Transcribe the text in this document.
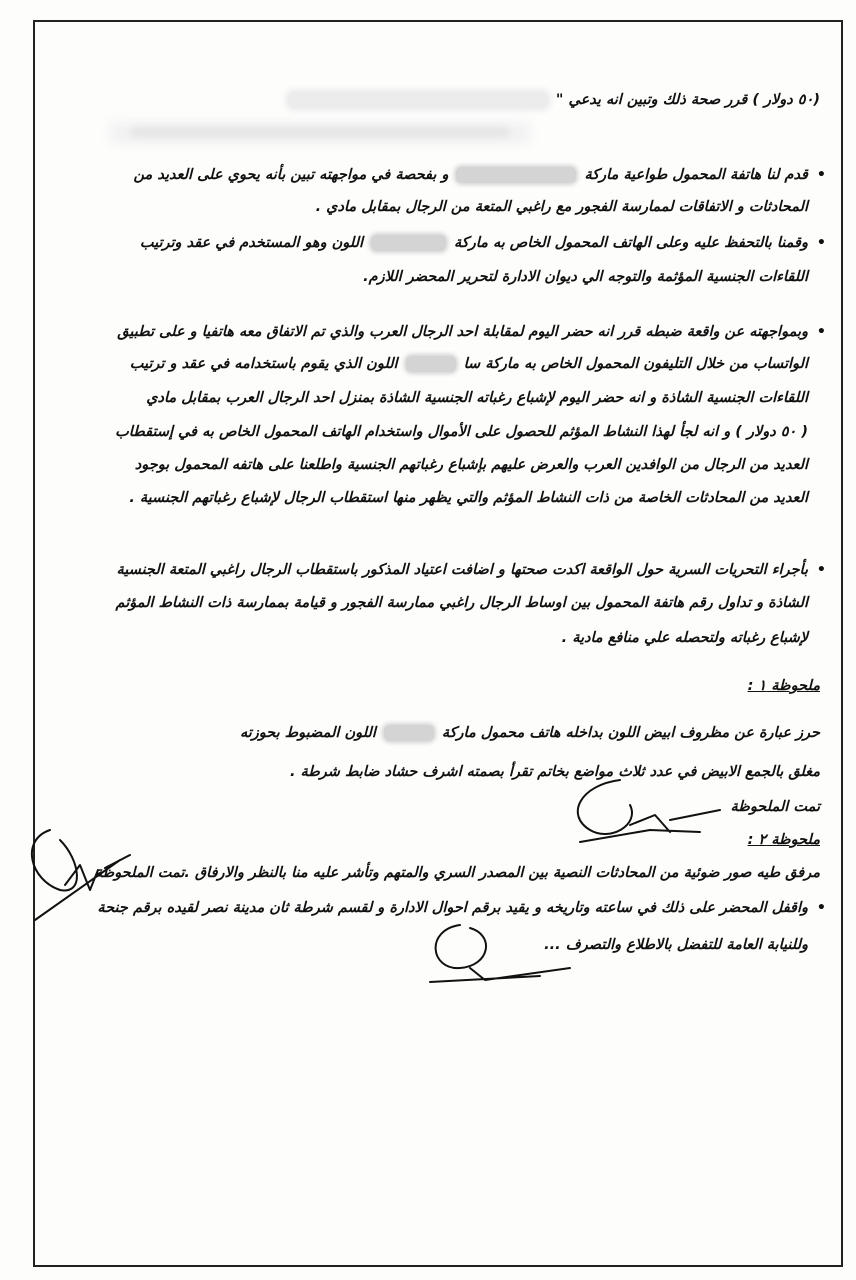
(٥٠ دولار ) قرر صحة ذلك وتبين انه يدعي "
• قدم لنا هاتفة المحمول طواعية ماركةو بفحصة في مواجهته تبين بأنه يحوي على العديد من
المحادثات و الاتفاقات لممارسة الفجور مع راغبي المتعة من الرجال بمقابل مادي .
• وقمنا بالتحفظ عليه وعلى الهاتف المحمول الخاص به ماركةاللون وهو المستخدم في عقد وترتيب
اللقاءات الجنسية المؤثمة والتوجه الي ديوان الادارة لتحرير المحضر اللازم.
• وبمواجهته عن واقعة ضبطه قرر انه حضر اليوم لمقابلة احد الرجال العرب والذي تم الاتفاق معه هاتفيا و على تطبيق
الواتساب من خلال التليفون المحمول الخاص به ماركة سااللون الذي يقوم باستخدامه في عقد و ترتيب
اللقاءات الجنسية الشاذة و انه حضر اليوم لإشباع رغباته الجنسية الشاذة بمنزل احد الرجال العرب بمقابل مادي
( ٥٠ دولار ) و انه لجأ لهذا النشاط المؤثم للحصول على الأموال واستخدام الهاتف المحمول الخاص به في إستقطاب
العديد من الرجال من الوافدين العرب والعرض عليهم بإشباع رغباتهم الجنسية واطلعنا على هاتفه المحمول بوجود
العديد من المحادثات الخاصة من ذات النشاط المؤثم والتي يظهر منها استقطاب الرجال لإشباع رغباتهم الجنسية .
• بأجراء التحريات السرية حول الواقعة اكدت صحتها و اضافت اعتياد المذكور باستقطاب الرجال راغبي المتعة الجنسية
الشاذة و تداول رقم هاتفة المحمول بين اوساط الرجال راغبي ممارسة الفجور و قيامة بممارسة ذات النشاط المؤثم
لإشباع رغباته ولتحصله علي منافع مادية .
ملحوظة ١ :
حرز عبارة عن مظروف ابيض اللون بداخله هاتف محمول ماركةاللون المضبوط بحوزته
مغلق بالجمع الابيض في عدد ثلاث مواضع بخاتم تقرأ بصمته اشرف حشاد ضابط شرطة .
تمت الملحوظة
ملحوظة ٢ :
مرفق طيه صور ضوئية من المحادثات النصية بين المصدر السري والمتهم وتأشر عليه منا بالنظر والارفاق .تمت الملحوظة
• واقفل المحضر على ذلك في ساعته وتاريخه و يقيد برقم احوال الادارة و لقسم شرطة ثان مدينة نصر لقيده برقم جنحة
وللنيابة العامة للتفضل بالاطلاع والتصرف ...
